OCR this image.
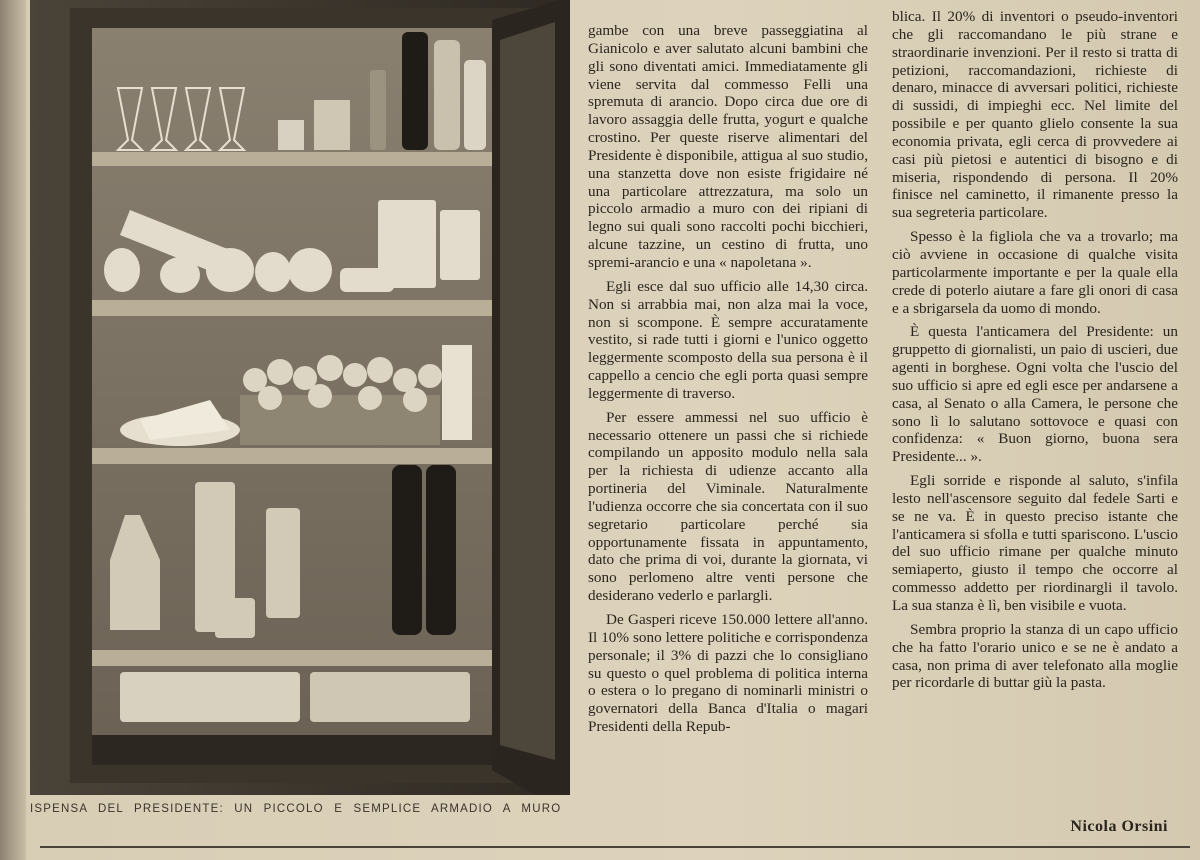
ISPENSA DEL PRESIDENTE: UN PICCOLO E SEMPLICE ARMADIO A MURO

gambe con una breve passeggiatina al Gianicolo e aver salutato alcuni bambini che gli sono diventati amici. Immediatamente gli viene servita dal commesso Felli una spremuta di arancio. Dopo circa due ore di lavoro assaggia delle frutta, yogurt e qualche crostino. Per queste riserve alimentari del Presidente è disponibile, attigua al suo studio, una stanzetta dove non esiste frigidaire né una particolare attrezzatura, ma solo un piccolo armadio a muro con dei ripiani di legno sui quali sono raccolti pochi bicchieri, alcune tazzine, un cestino di frutta, uno spremi-arancio e una « napoletana ».

Egli esce dal suo ufficio alle 14,30 circa. Non si arrabbia mai, non alza mai la voce, non si scompone. È sempre accuratamente vestito, si rade tutti i giorni e l'unico oggetto leggermente scomposto della sua persona è il cappello a cencio che egli porta quasi sempre leggermente di traverso.

Per essere ammessi nel suo ufficio è necessario ottenere un passi che si richiede compilando un apposito modulo nella sala per la richiesta di udienze accanto alla portineria del Viminale. Naturalmente l'udienza occorre che sia concertata con il suo segretario particolare perché sia opportunamente fissata in appuntamento, dato che prima di voi, durante la giornata, vi sono perlomeno altre venti persone che desiderano vederlo e parlargli.

De Gasperi riceve 150.000 lettere all'anno. Il 10% sono lettere politiche e corrispondenza personale; il 3% di pazzi che lo consigliano su questo o quel problema di politica interna o estera o lo pregano di nominarli ministri o governatori della Banca d'Italia o magari Presidenti della Repub-

blica. Il 20% di inventori o pseudo-inventori che gli raccomandano le più strane e straordinarie invenzioni. Per il resto si tratta di petizioni, raccomandazioni, richieste di denaro, minacce di avversari politici, richieste di sussidi, di impieghi ecc. Nel limite del possibile e per quanto glielo consente la sua economia privata, egli cerca di provvedere ai casi più pietosi e autentici di bisogno e di miseria, rispondendo di persona. Il 20% finisce nel caminetto, il rimanente presso la sua segreteria particolare.

Spesso è la figliola che va a trovarlo; ma ciò avviene in occasione di qualche visita particolarmente importante e per la quale ella crede di poterlo aiutare a fare gli onori di casa e a sbrigarsela da uomo di mondo.

È questa l'anticamera del Presidente: un gruppetto di giornalisti, un paio di uscieri, due agenti in borghese. Ogni volta che l'uscio del suo ufficio si apre ed egli esce per andarsene a casa, al Senato o alla Camera, le persone che sono lì lo salutano sottovoce e quasi con confidenza: « Buon giorno, buona sera Presidente... ».

Egli sorride e risponde al saluto, s'infila lesto nell'ascensore seguito dal fedele Sarti e se ne va. È in questo preciso istante che l'anticamera si sfolla e tutti spariscono. L'uscio del suo ufficio rimane per qualche minuto semiaperto, giusto il tempo che occorre al commesso addetto per riordinargli il tavolo. La sua stanza è lì, ben visibile e vuota.

Sembra proprio la stanza di un capo ufficio che ha fatto l'orario unico e se ne è andato a casa, non prima di aver telefonato alla moglie per ricordarle di buttar giù la pasta.

Nicola Orsini
